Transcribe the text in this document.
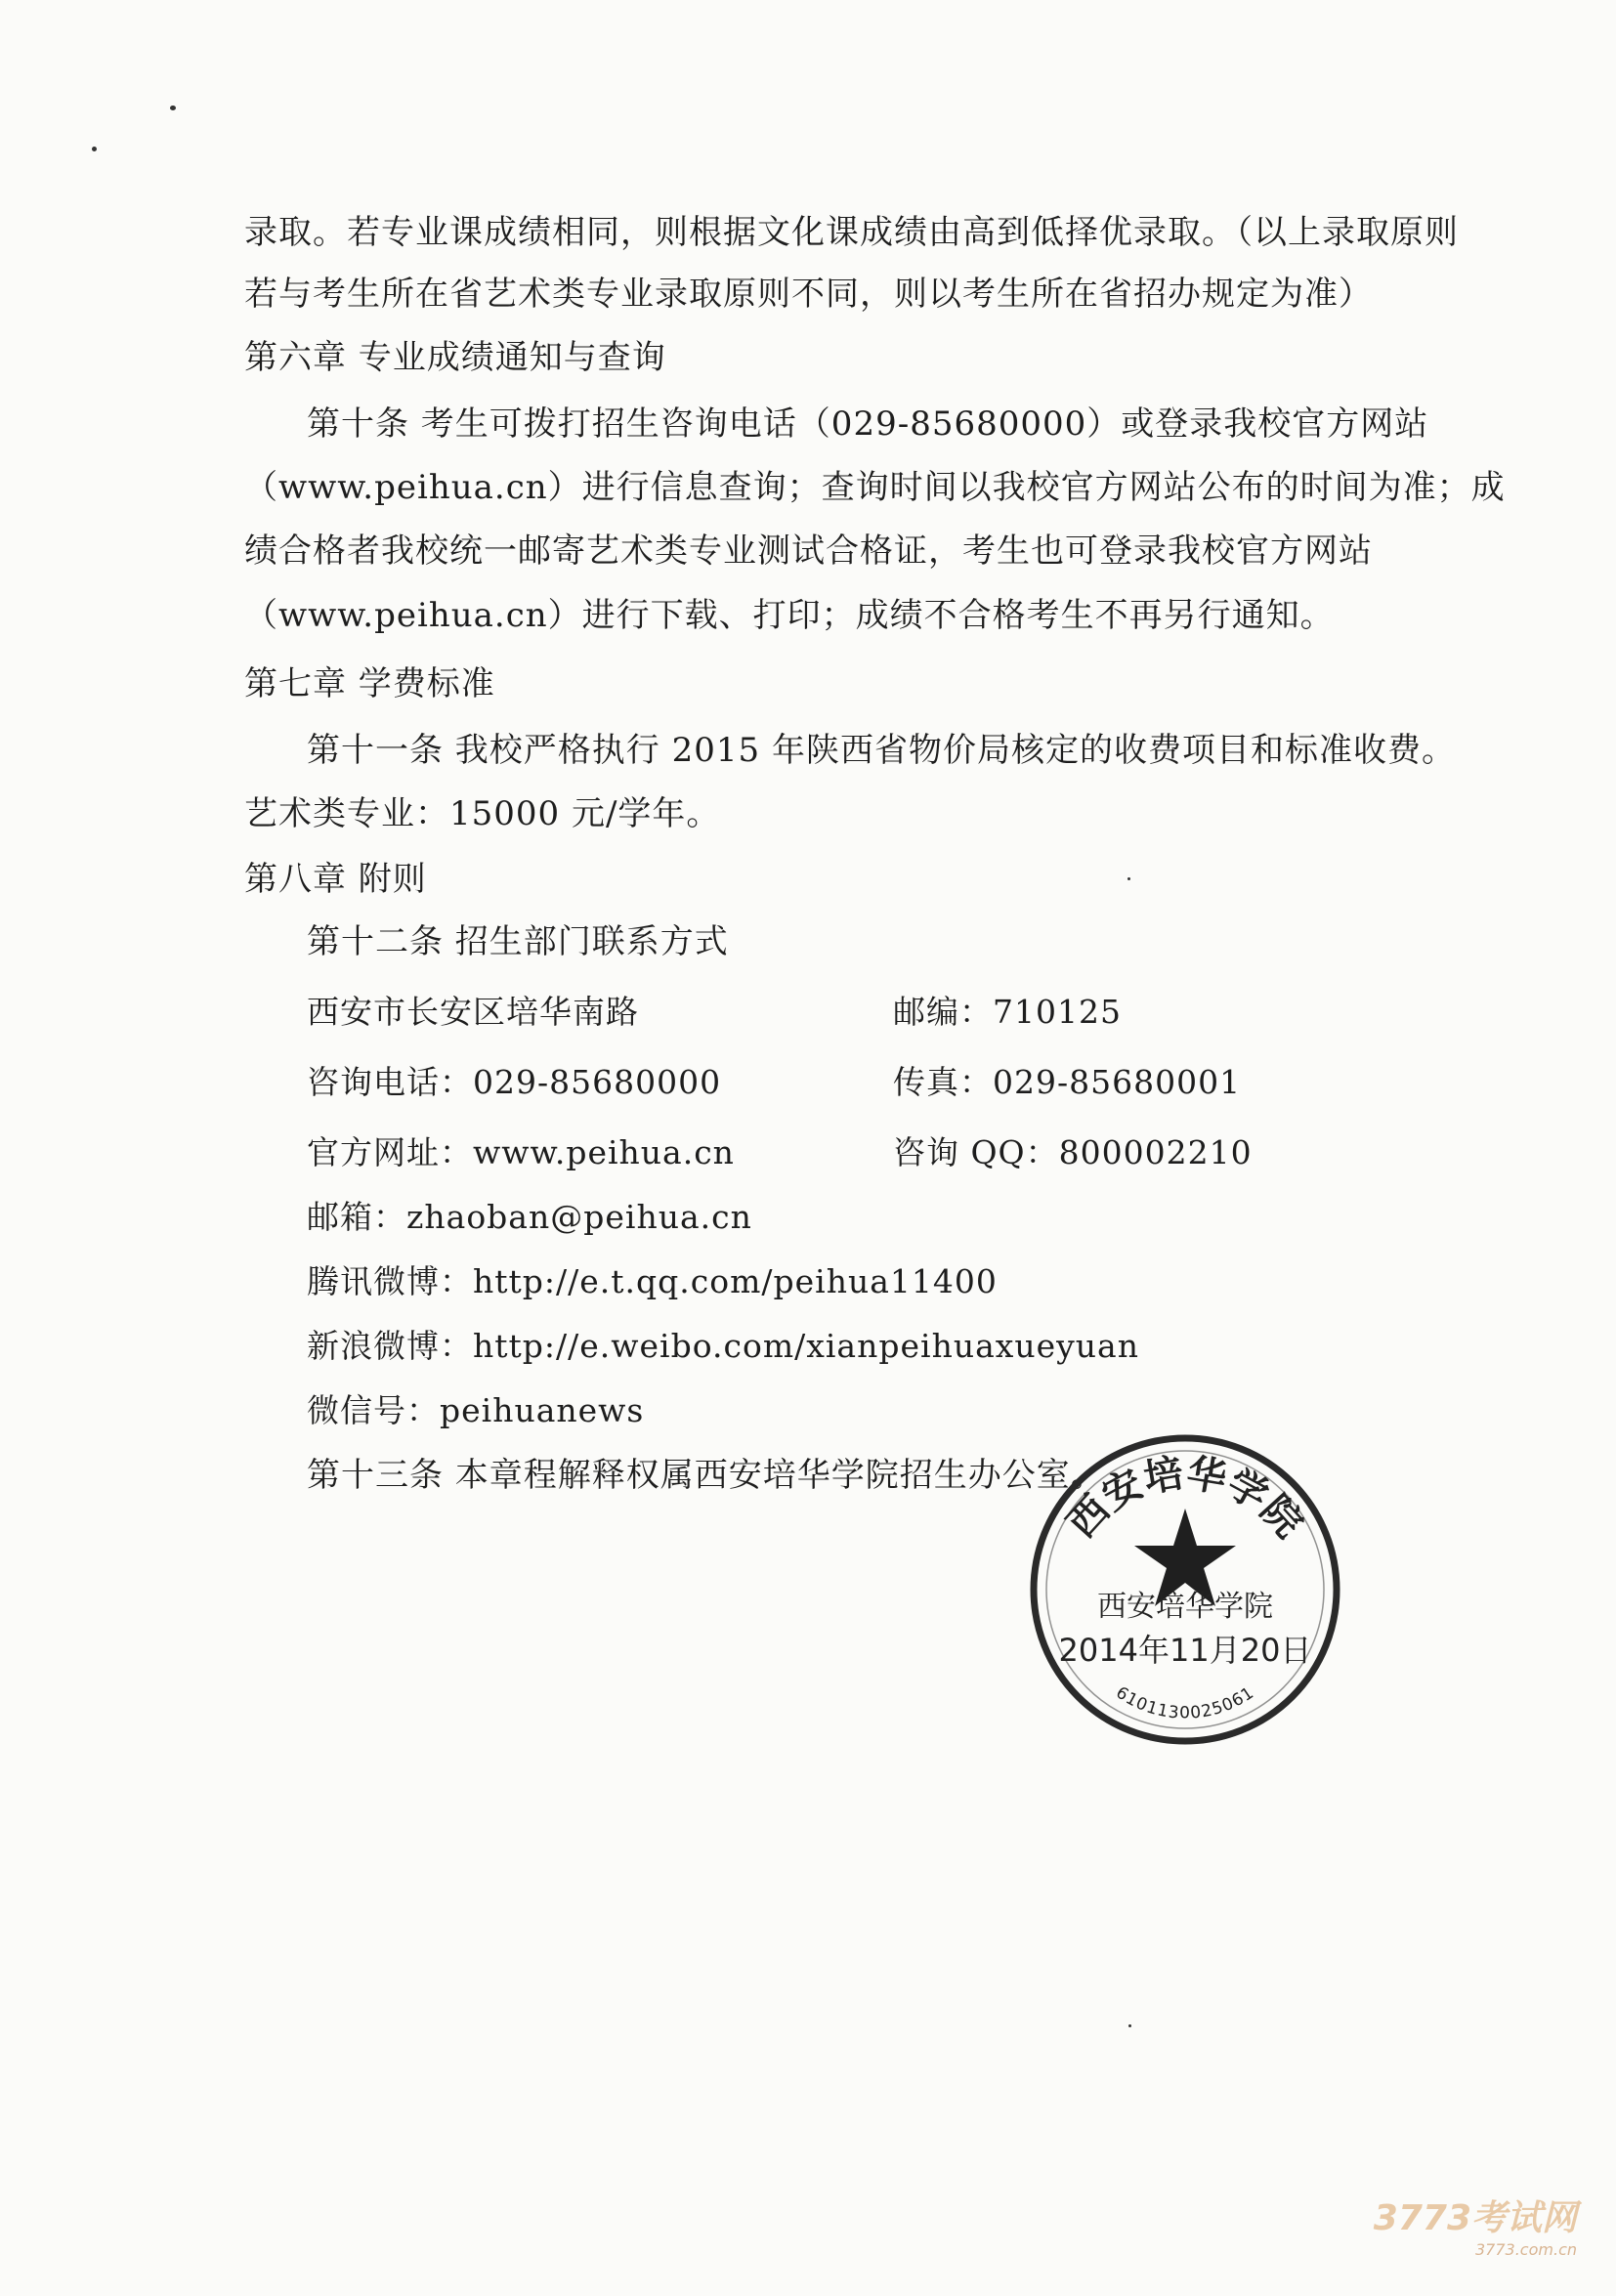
录取。若专业课成绩相同，则根据文化课成绩由高到低择优录取。（以上录取原则
若与考生所在省艺术类专业录取原则不同，则以考生所在省招办规定为准）
第六章 专业成绩通知与查询
第十条 考生可拨打招生咨询电话（029-85680000）或登录我校官方网站
（www.peihua.cn）进行信息查询；查询时间以我校官方网站公布的时间为准；成
绩合格者我校统一邮寄艺术类专业测试合格证，考生也可登录我校官方网站
（www.peihua.cn）进行下载、打印；成绩不合格考生不再另行通知。
第七章 学费标准
第十一条 我校严格执行 2015 年陕西省物价局核定的收费项目和标准收费。
艺术类专业：15000 元/学年。
第八章 附则
第十二条 招生部门联系方式
西安市长安区培华南路	邮编：710125
咨询电话：029-85680000	传真：029-85680001
官方网址：www.peihua.cn	咨询 QQ：800002210
邮箱：zhaoban@peihua.cn
腾讯微博：http://e.t.qq.com/peihua11400
新浪微博：http://e.weibo.com/xianpeihuaxueyuan
微信号：peihuanews
第十三条 本章程解释权属西安培华学院招生办公室。
西安培华学院
西安培华学院
2014年11月20日
6101130025061
3773考试网
3773.com.cn
